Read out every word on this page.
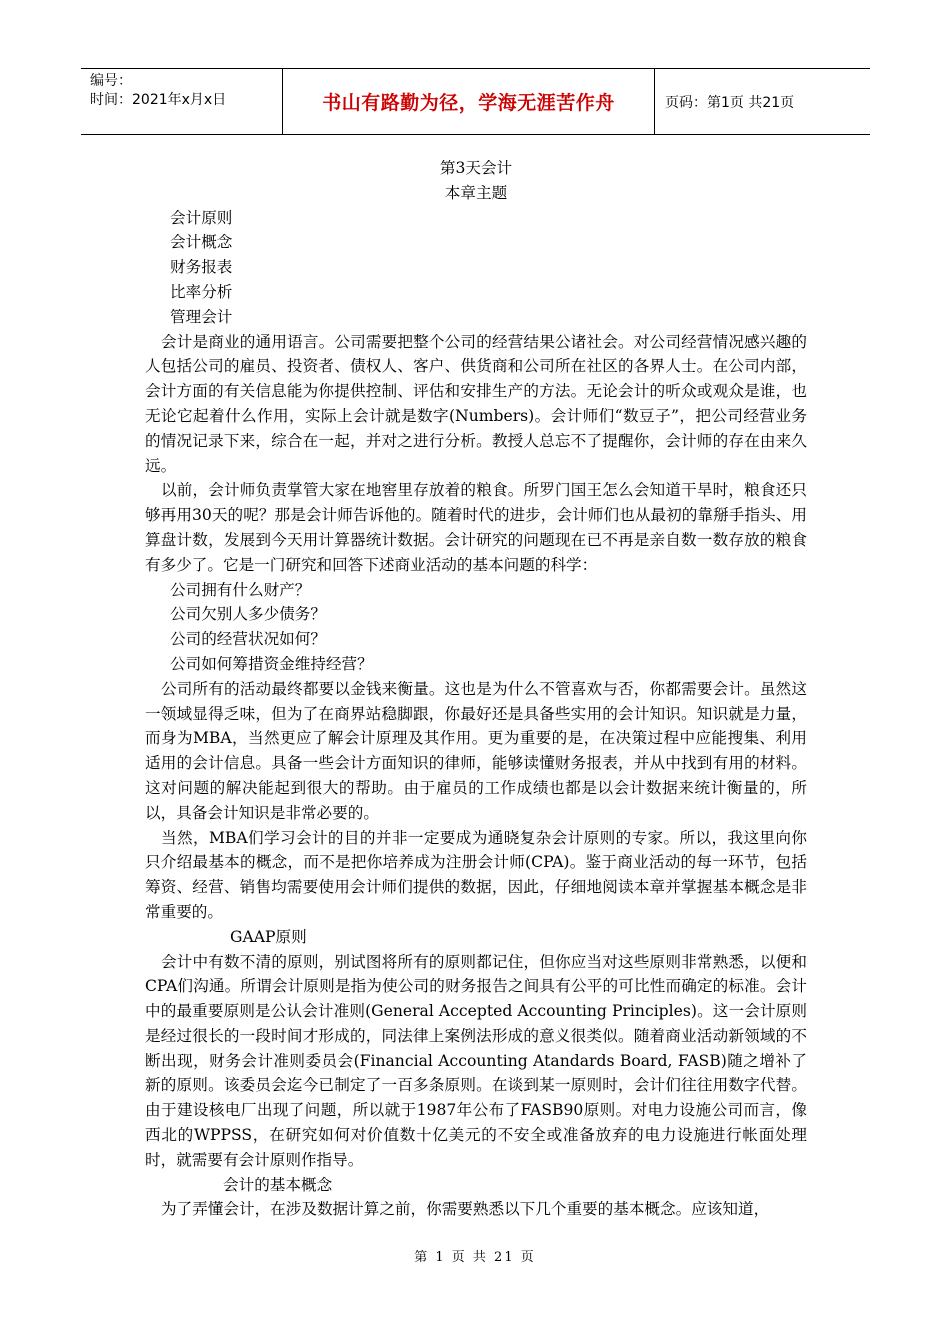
编号：
时间：2021年x月x日	书山有路勤为径，学海无涯苦作舟	页码：第1页 共21页

第3天会计

本章主题

会计原则

会计概念

财务报表

比率分析

管理会计

会计是商业的通用语言。公司需要把整个公司的经营结果公诸社会。对公司经营情况感兴趣的人包括公司的雇员、投资者、债权人、客户、供货商和公司所在社区的各界人士。在公司内部，会计方面的有关信息能为你提供控制、评估和安排生产的方法。无论会计的听众或观众是谁，也无论它起着什么作用，实际上会计就是数字(Numbers)。会计师们“数豆子”，把公司经营业务的情况记录下来，综合在一起，并对之进行分析。教授人总忘不了提醒你，会计师的存在由来久远。

以前，会计师负责掌管大家在地窖里存放着的粮食。所罗门国王怎么会知道干旱时，粮食还只够再用30天的呢？那是会计师告诉他的。随着时代的进步，会计师们也从最初的靠掰手指头、用算盘计数，发展到今天用计算器统计数据。会计研究的问题现在已不再是亲自数一数存放的粮食有多少了。它是一门研究和回答下述商业活动的基本问题的科学：

公司拥有什么财产？

公司欠别人多少债务？

公司的经营状况如何？

公司如何筹措资金维持经营？

公司所有的活动最终都要以金钱来衡量。这也是为什么不管喜欢与否，你都需要会计。虽然这一领域显得乏味，但为了在商界站稳脚跟，你最好还是具备些实用的会计知识。知识就是力量，而身为MBA，当然更应了解会计原理及其作用。更为重要的是，在决策过程中应能搜集、利用适用的会计信息。具备一些会计方面知识的律师，能够读懂财务报表，并从中找到有用的材料。这对问题的解决能起到很大的帮助。由于雇员的工作成绩也都是以会计数据来统计衡量的，所以，具备会计知识是非常必要的。

当然，MBA们学习会计的目的并非一定要成为通晓复杂会计原则的专家。所以，我这里向你只介绍最基本的概念，而不是把你培养成为注册会计师(CPA)。鉴于商业活动的每一环节，包括筹资、经营、销售均需要使用会计师们提供的数据，因此，仔细地阅读本章并掌握基本概念是非常重要的。

GAAP原则

会计中有数不清的原则，别试图将所有的原则都记住，但你应当对这些原则非常熟悉，以便和CPA们沟通。所谓会计原则是指为使公司的财务报告之间具有公平的可比性而确定的标准。会计中的最重要原则是公认会计准则(General Accepted Accounting Principles)。这一会计原则是经过很长的一段时间才形成的，同法律上案例法形成的意义很类似。随着商业活动新领域的不断出现，财务会计准则委员会(Financial Accounting Atandards Board, FASB)随之增补了新的原则。该委员会迄今已制定了一百多条原则。在谈到某一原则时，会计们往往用数字代替。由于建设核电厂出现了问题，所以就于1987年公布了FASB90原则。对电力设施公司而言，像西北的WPPSS，在研究如何对价值数十亿美元的不安全或准备放弃的电力设施进行帐面处理时，就需要有会计原则作指导。

会计的基本概念

为了弄懂会计，在涉及数据计算之前，你需要熟悉以下几个重要的基本概念。应该知道，

第 1 页 共 21 页
